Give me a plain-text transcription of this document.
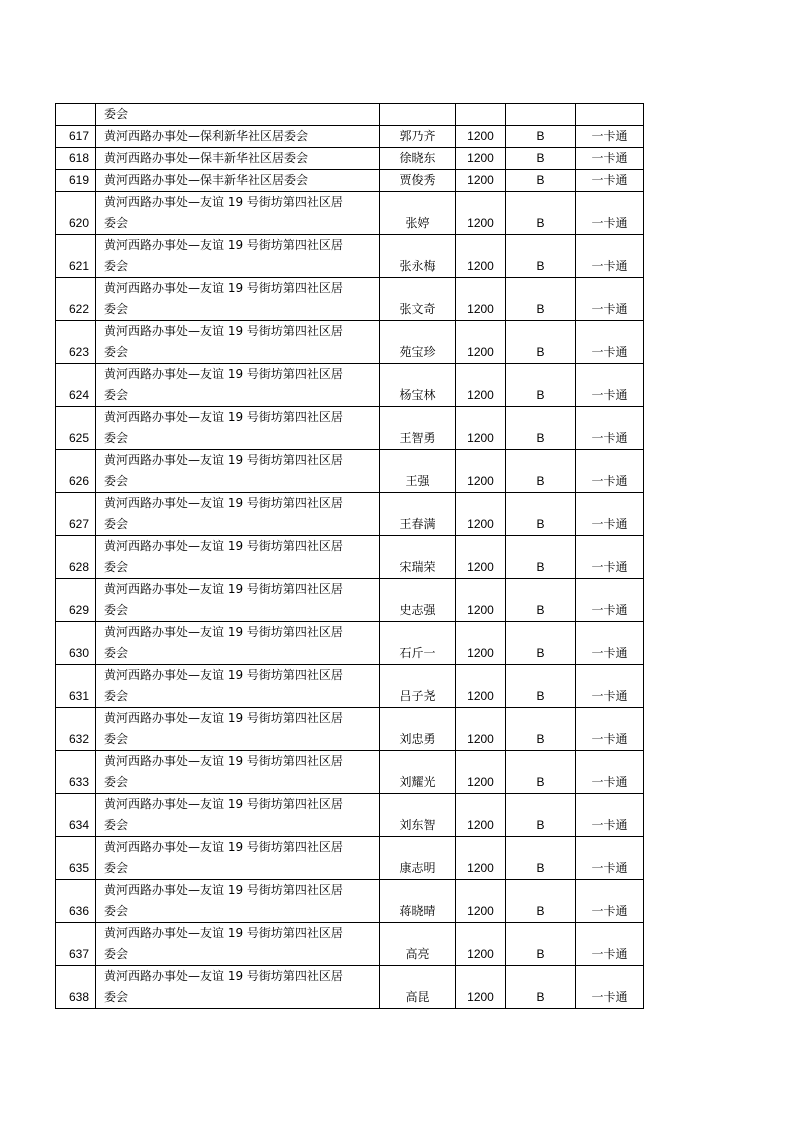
	委会				

617	黄河西路办事处—保利新华社区居委会	郭乃齐	1200	B	一卡通
618	黄河西路办事处—保丰新华社区居委会	徐晓东	1200	B	一卡通
619	黄河西路办事处—保丰新华社区居委会	贾俊秀	1200	B	一卡通
620	黄河西路办事处—友谊 19 号街坊第四社区居
委会	张婷	1200	B	一卡通
621	黄河西路办事处—友谊 19 号街坊第四社区居
委会	张永梅	1200	B	一卡通
622	黄河西路办事处—友谊 19 号街坊第四社区居
委会	张文奇	1200	B	一卡通
623	黄河西路办事处—友谊 19 号街坊第四社区居
委会	苑宝珍	1200	B	一卡通
624	黄河西路办事处—友谊 19 号街坊第四社区居
委会	杨宝林	1200	B	一卡通
625	黄河西路办事处—友谊 19 号街坊第四社区居
委会	王智勇	1200	B	一卡通
626	黄河西路办事处—友谊 19 号街坊第四社区居
委会	王强	1200	B	一卡通
627	黄河西路办事处—友谊 19 号街坊第四社区居
委会	王春满	1200	B	一卡通
628	黄河西路办事处—友谊 19 号街坊第四社区居
委会	宋瑞荣	1200	B	一卡通
629	黄河西路办事处—友谊 19 号街坊第四社区居
委会	史志强	1200	B	一卡通
630	黄河西路办事处—友谊 19 号街坊第四社区居
委会	石斤一	1200	B	一卡通
631	黄河西路办事处—友谊 19 号街坊第四社区居
委会	吕子尧	1200	B	一卡通
632	黄河西路办事处—友谊 19 号街坊第四社区居
委会	刘忠勇	1200	B	一卡通
633	黄河西路办事处—友谊 19 号街坊第四社区居
委会	刘耀光	1200	B	一卡通
634	黄河西路办事处—友谊 19 号街坊第四社区居
委会	刘东智	1200	B	一卡通
635	黄河西路办事处—友谊 19 号街坊第四社区居
委会	康志明	1200	B	一卡通
636	黄河西路办事处—友谊 19 号街坊第四社区居
委会	蒋晓晴	1200	B	一卡通
637	黄河西路办事处—友谊 19 号街坊第四社区居
委会	高亮	1200	B	一卡通
638	黄河西路办事处—友谊 19 号街坊第四社区居
委会	高昆	1200	B	一卡通
